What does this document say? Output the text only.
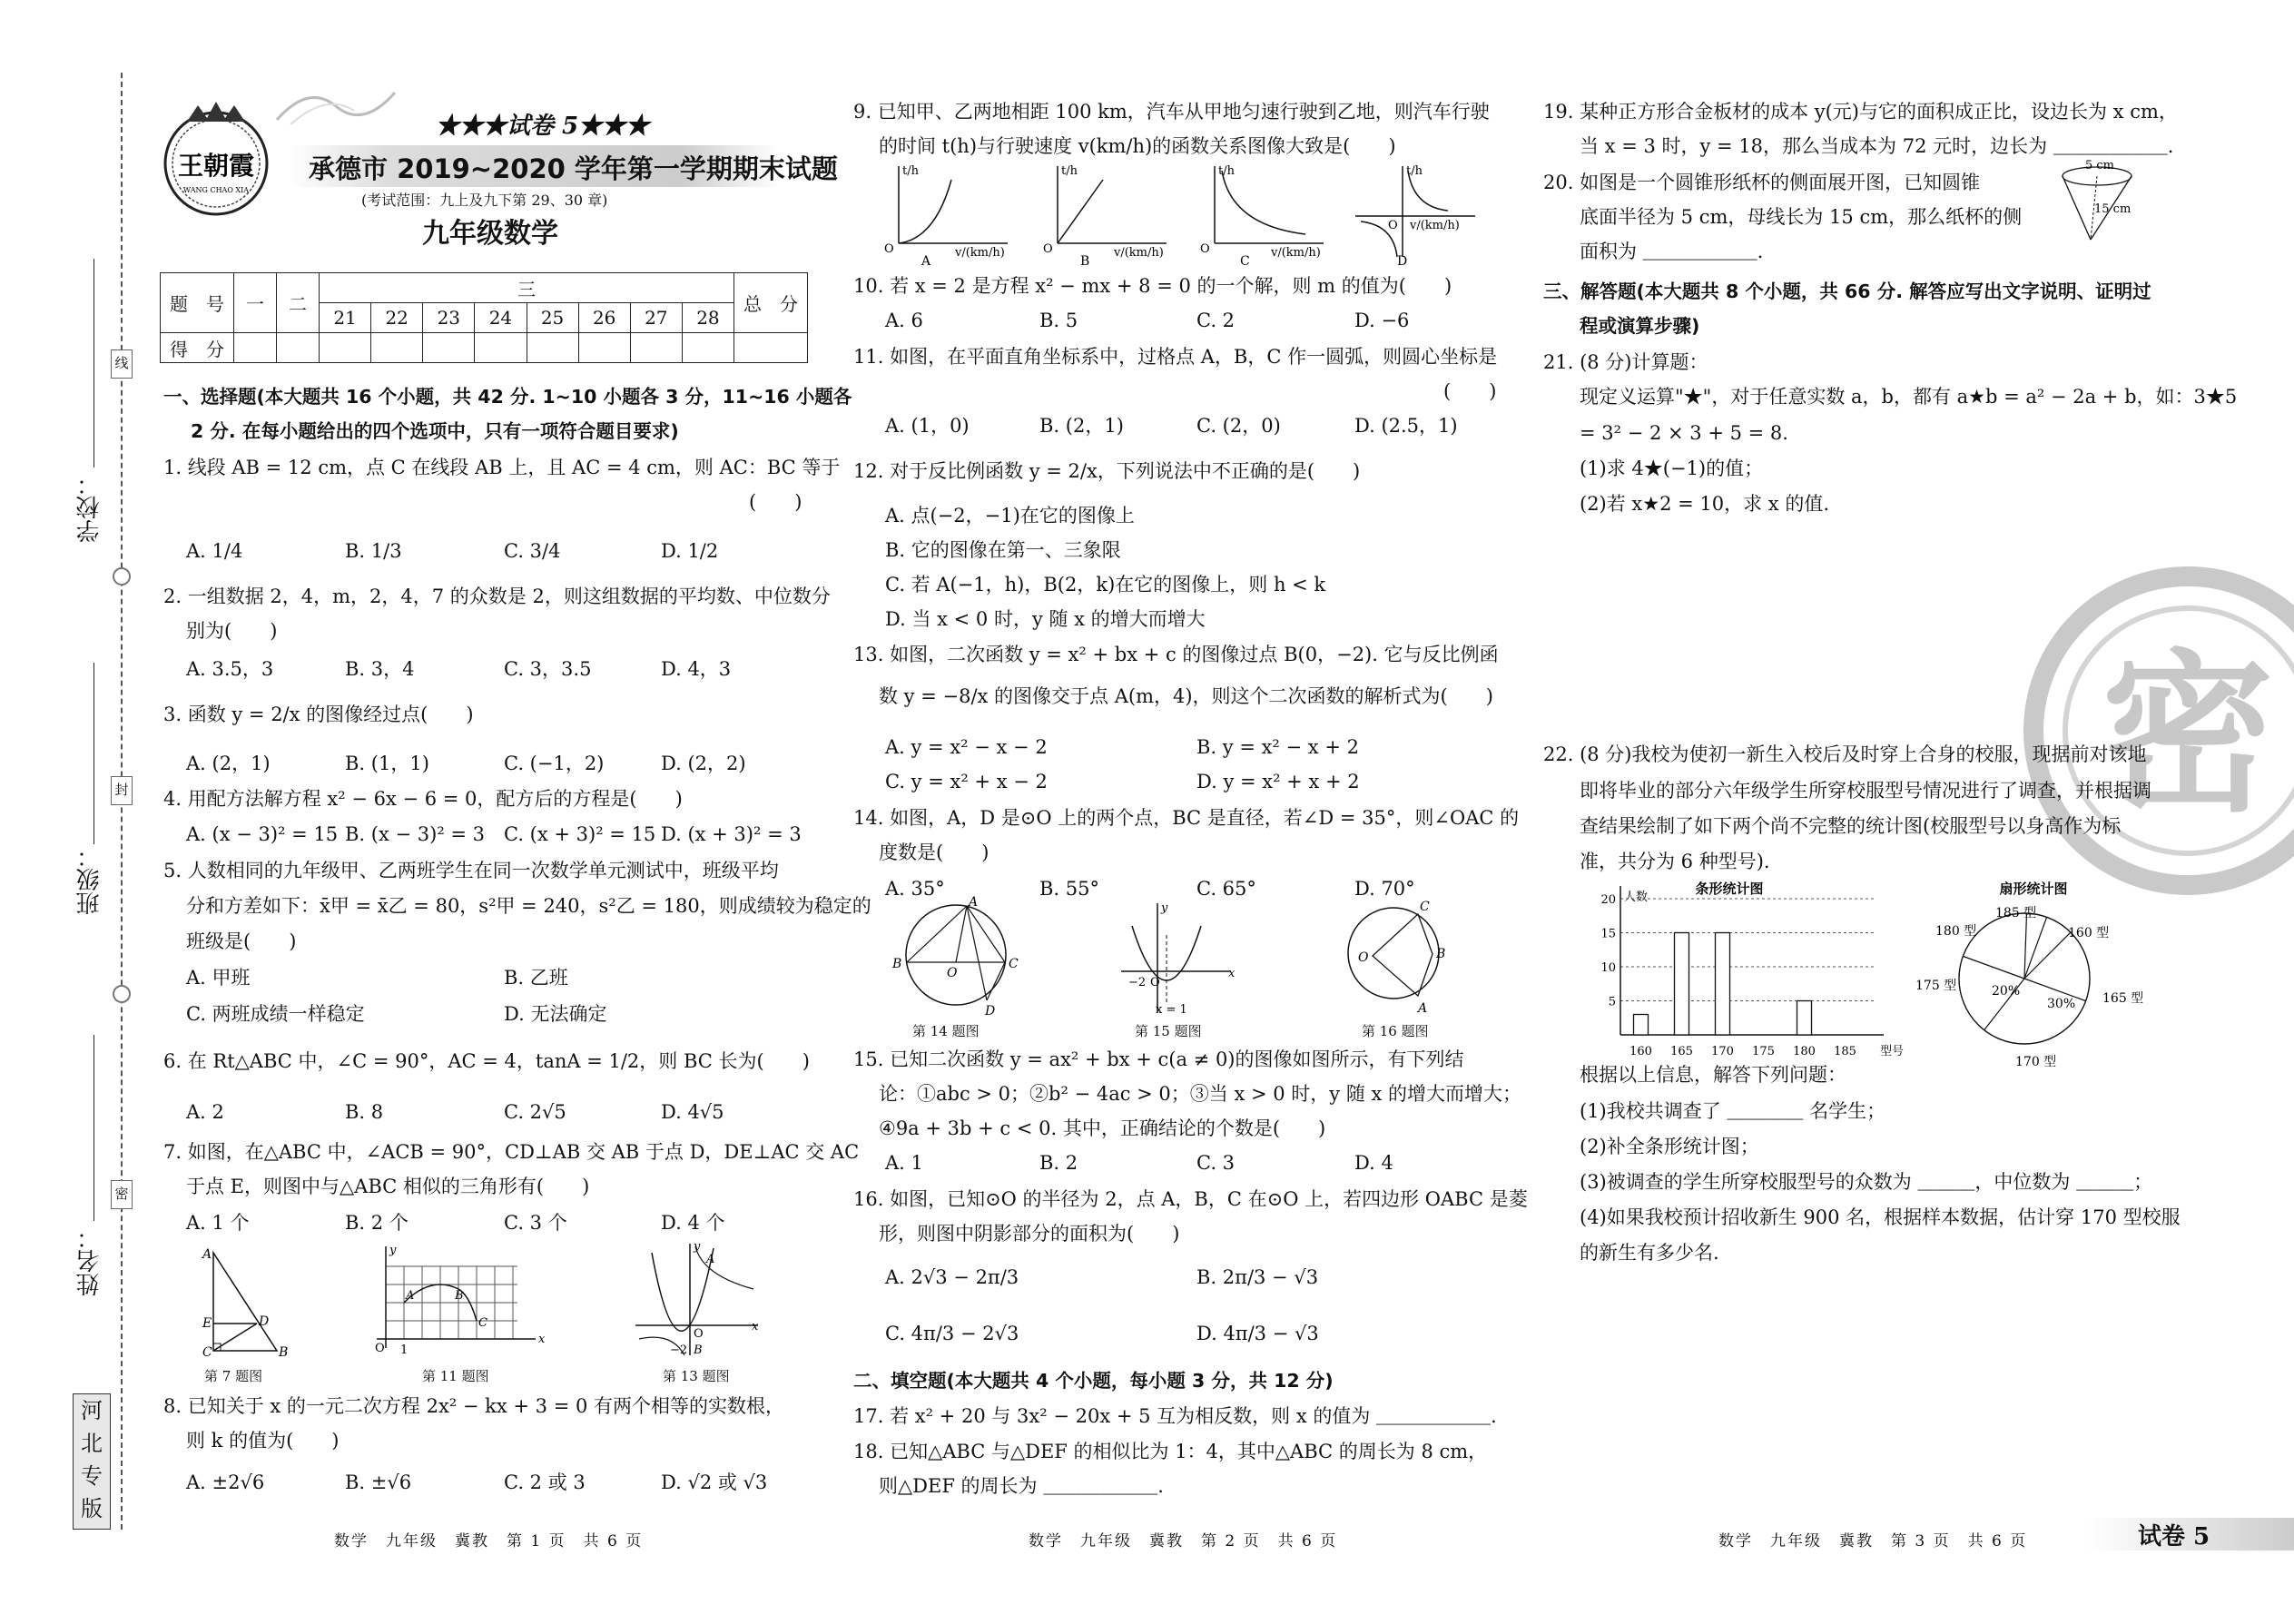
学校：
班级：
姓名：
线
封
密
河
北
专
版
王朝霞
WANG CHAO XIA
★★★试卷 5★★★
承德市 2019~2020 学年第一学期期末试题
(考试范围：九上及九下第 29、30 章)
九年级数学
题　号	一	二	三								总　分
			21	22	23	24	25	26	27	28	
得　分											
一、选择题(本大题共 16 个小题，共 42 分. 1~10 小题各 3 分，11~16 小题各
2 分. 在每小题给出的四个选项中，只有一项符合题目要求)
1. 线段 AB = 12 cm，点 C 在线段 AB 上，且 AC = 4 cm，则 AC：BC 等于
(　　)
A. 1/4	B. 1/3	C. 3/4	D. 1/2
2. 一组数据 2，4，m，2，4，7 的众数是 2，则这组数据的平均数、中位数分
别为(　　)
A. 3.5，3	B. 3，4	C. 3，3.5	D. 4，3
3. 函数 y = 2/x 的图像经过点(　　)
A. (2，1)	B. (1，1)	C. (−1，2)	D. (2，2)
4. 用配方法解方程 x² − 6x − 6 = 0，配方后的方程是(　　)
A. (x − 3)² = 15 B. (x − 3)² = 3 C. (x + 3)² = 15 D. (x + 3)² = 3
5. 人数相同的九年级甲、乙两班学生在同一次数学单元测试中，班级平均
分和方差如下：x̄甲 = x̄乙 = 80，s²甲 = 240，s²乙 = 180，则成绩较为稳定的
班级是(　　)
A. 甲班	B. 乙班
C. 两班成绩一样稳定	D. 无法确定
6. 在 Rt△ABC 中，∠C = 90°，AC = 4，tanA = 1/2，则 BC 长为(　　)
A. 2	B. 8	C. 2√5	D. 4√5
7. 如图，在△ABC 中，∠ACB = 90°，CD⊥AB 交 AB 于点 D，DE⊥AC 交 AC
于点 E，则图中与△ABC 相似的三角形有(　　)
A. 1 个	B. 2 个	C. 3 个	D. 4 个
A
E	D
C	B
第 7 题图
y
x
O 1
A	B
C
第 11 题图
y
x
O
A
−2 B
第 13 题图
8. 已知关于 x 的一元二次方程 2x² − kx + 3 = 0 有两个相等的实数根，
则 k 的值为(　　)
A. ±2√6	B. ±√6	C. 2 或 3	D. √2 或 √3
数学　九年级　冀教　第 1 页　共 6 页
9. 已知甲、乙两地相距 100 km，汽车从甲地匀速行驶到乙地，则汽车行驶
的时间 t(h)与行驶速度 v(km/h)的函数关系图像大致是(　　)
t/h
v/(km/h)
O
A
t/h
v/(km/h)
O
B
t/h
v/(km/h)
O
C
t/h
v/(km/h)
O
D
10. 若 x = 2 是方程 x² − mx + 8 = 0 的一个解，则 m 的值为(　　)
A. 6	B. 5	C. 2	D. −6
11. 如图，在平面直角坐标系中，过格点 A，B，C 作一圆弧，则圆心坐标是
(　　)
A. (1，0)	B. (2，1)	C. (2，0)	D. (2.5，1)
12. 对于反比例函数 y = 2/x，下列说法中不正确的是(　　)
A. 点(−2，−1)在它的图像上
B. 它的图像在第一、三象限
C. 若 A(−1，h)，B(2，k)在它的图像上，则 h < k
D. 当 x < 0 时，y 随 x 的增大而增大
13. 如图，二次函数 y = x² + bx + c 的图像过点 B(0，−2). 它与反比例函
数 y = −8/x 的图像交于点 A(m，4)，则这个二次函数的解析式为(　　)
A. y = x² − x − 2	B. y = x² − x + 2
C. y = x² + x − 2	D. y = x² + x + 2
14. 如图，A，D 是⊙O 上的两个点，BC 是直径，若∠D = 35°，则∠OAC 的
度数是(　　)
A. 35°	B. 55°	C. 65°	D. 70°
A
B	C
O
D
第 14 题图
y
x
−2 O
x = 1
第 15 题图
O
C
B
A
第 16 题图
15. 已知二次函数 y = ax² + bx + c(a ≠ 0)的图像如图所示，有下列结
论：①abc > 0；②b² − 4ac > 0；③当 x > 0 时，y 随 x 的增大而增大；
④9a + 3b + c < 0. 其中，正确结论的个数是(　　)
A. 1	B. 2	C. 3	D. 4
16. 如图，已知⊙O 的半径为 2，点 A，B，C 在⊙O 上，若四边形 OABC 是菱
形，则图中阴影部分的面积为(　　)
A. 2√3 − 2π/3	B. 2π/3 − √3
C. 4π/3 − 2√3	D. 4π/3 − √3
二、填空题(本大题共 4 个小题，每小题 3 分，共 12 分)
17. 若 x² + 20 与 3x² − 20x + 5 互为相反数，则 x 的值为 ＿＿＿＿＿＿.
18. 已知△ABC 与△DEF 的相似比为 1：4，其中△ABC 的周长为 8 cm，
则△DEF 的周长为 ＿＿＿＿＿＿.
数学　九年级　冀教　第 2 页　共 6 页
19. 某种正方形合金板材的成本 y(元)与它的面积成正比，设边长为 x cm，
当 x = 3 时，y = 18，那么当成本为 72 元时，边长为 ＿＿＿＿＿＿.
20. 如图是一个圆锥形纸杯的侧面展开图，已知圆锥
底面半径为 5 cm，母线长为 15 cm，那么纸杯的侧
面积为 ＿＿＿＿＿＿.
5 cm
15 cm
三、解答题(本大题共 8 个小题，共 66 分. 解答应写出文字说明、证明过
程或演算步骤)
21. (8 分)计算题：
现定义运算"★"，对于任意实数 a，b，都有 a★b = a² − 2a + b，如：3★5
= 3² − 2 × 3 + 5 = 8.
(1)求 4★(−1)的值；
(2)若 x★2 = 10，求 x 的值.
密
22. (8 分)我校为使初一新生入校后及时穿上合身的校服，现据前对该地
即将毕业的部分六年级学生所穿校服型号情况进行了调查，并根据调
查结果绘制了如下两个尚不完整的统计图(校服型号以身高作为标
准，共分为 6 种型号).
条形统计图
人数
型号
5
10
15
20
160 165 170 175 180 185
扇形统计图
165 型
170 型
175 型
180 型
185 型
160 型
30%
20%
根据以上信息，解答下列问题：
(1)我校共调查了 ＿＿＿＿ 名学生；
(2)补全条形统计图；
(3)被调查的学生所穿校服型号的众数为 ＿＿＿，中位数为 ＿＿＿；
(4)如果我校预计招收新生 900 名，根据样本数据，估计穿 170 型校服
的新生有多少名.
数学　九年级　冀教　第 3 页　共 6 页	试卷 5
